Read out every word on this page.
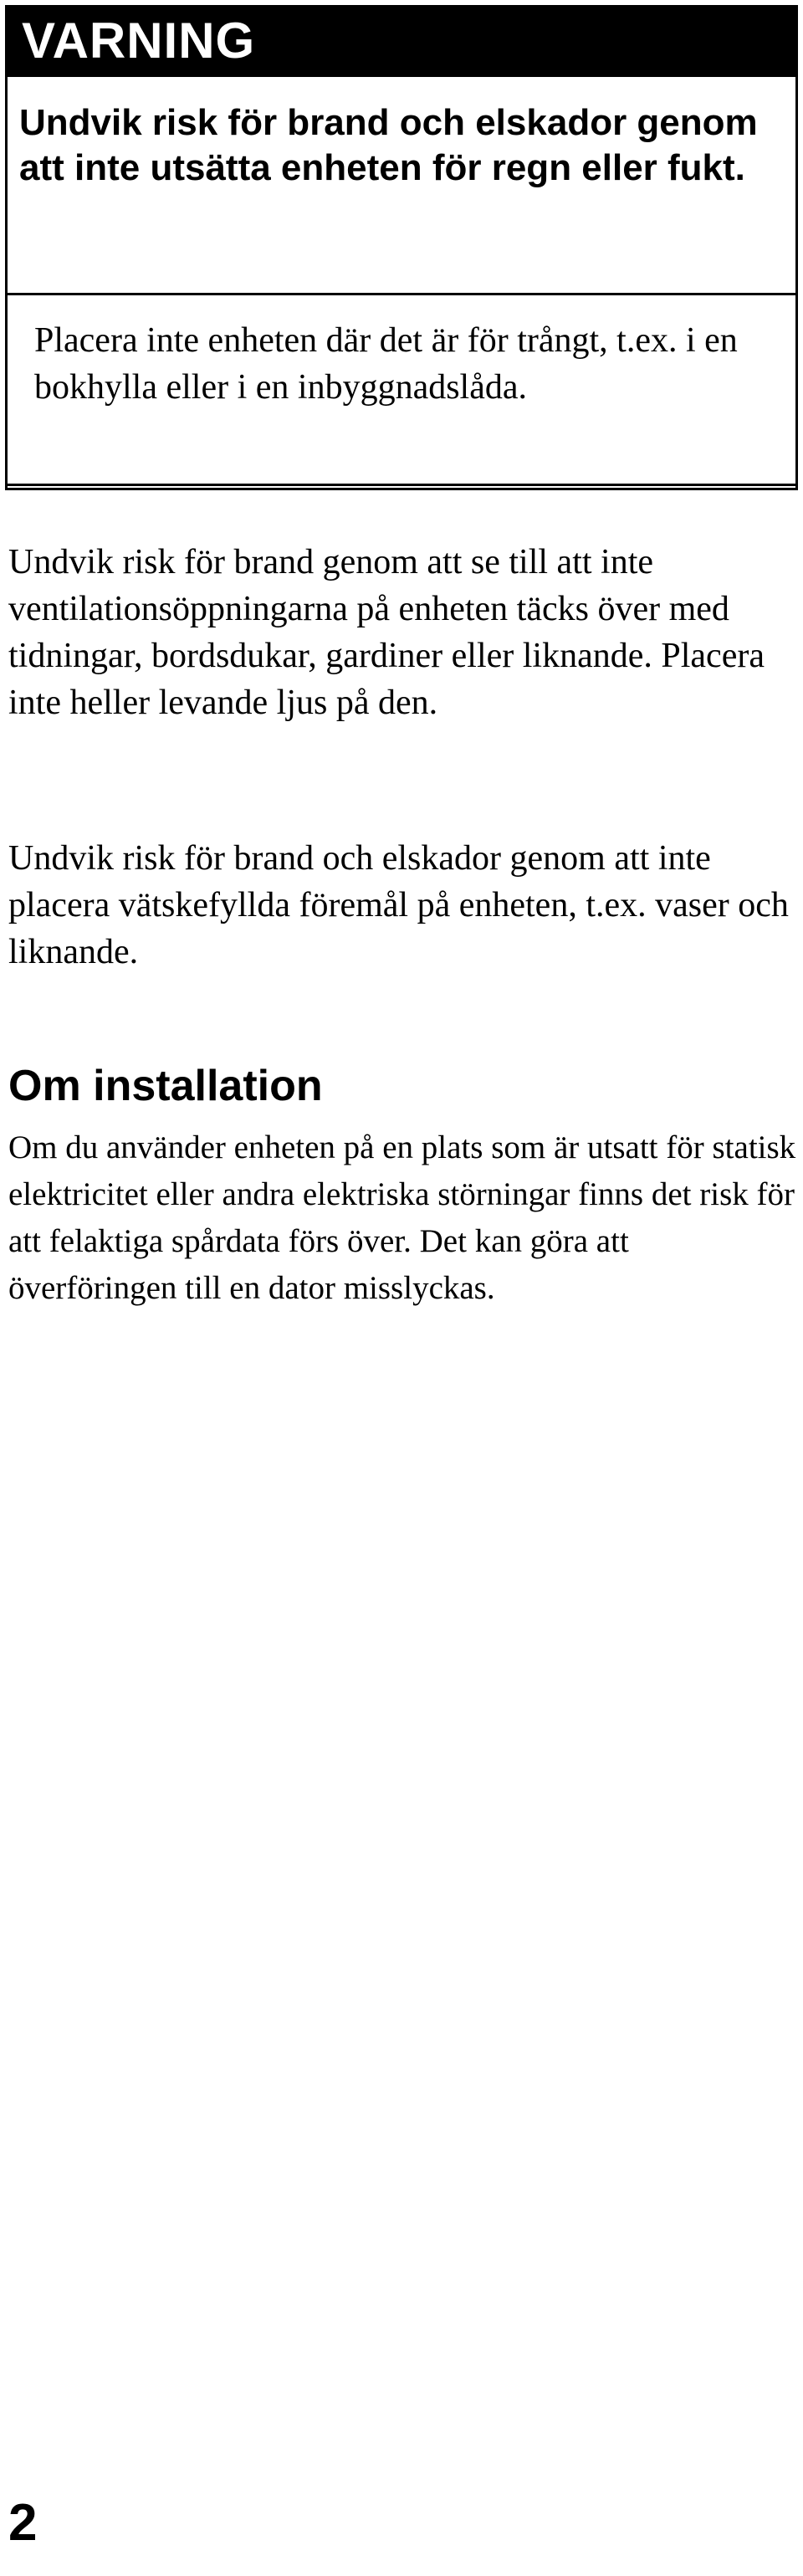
VARNING

Undvik risk för brand och elskador genom att inte utsätta enheten för regn eller fukt.

Placera inte enheten där det är för trångt, t.ex. i en bokhylla eller i en inbyggnadslåda.

Undvik risk för brand genom att se till att inte ventilationsöppningarna på enheten täcks över med tidningar, bordsdukar, gardiner eller liknande. Placera inte heller levande ljus på den.

Undvik risk för brand och elskador genom att inte placera vätskefyllda föremål på enheten, t.ex. vaser och liknande.

Om installation

Om du använder enheten på en plats som är utsatt för statisk elektricitet eller andra elektriska störningar finns det risk för att felaktiga spårdata förs över. Det kan göra att överföringen till en dator misslyckas.

2
